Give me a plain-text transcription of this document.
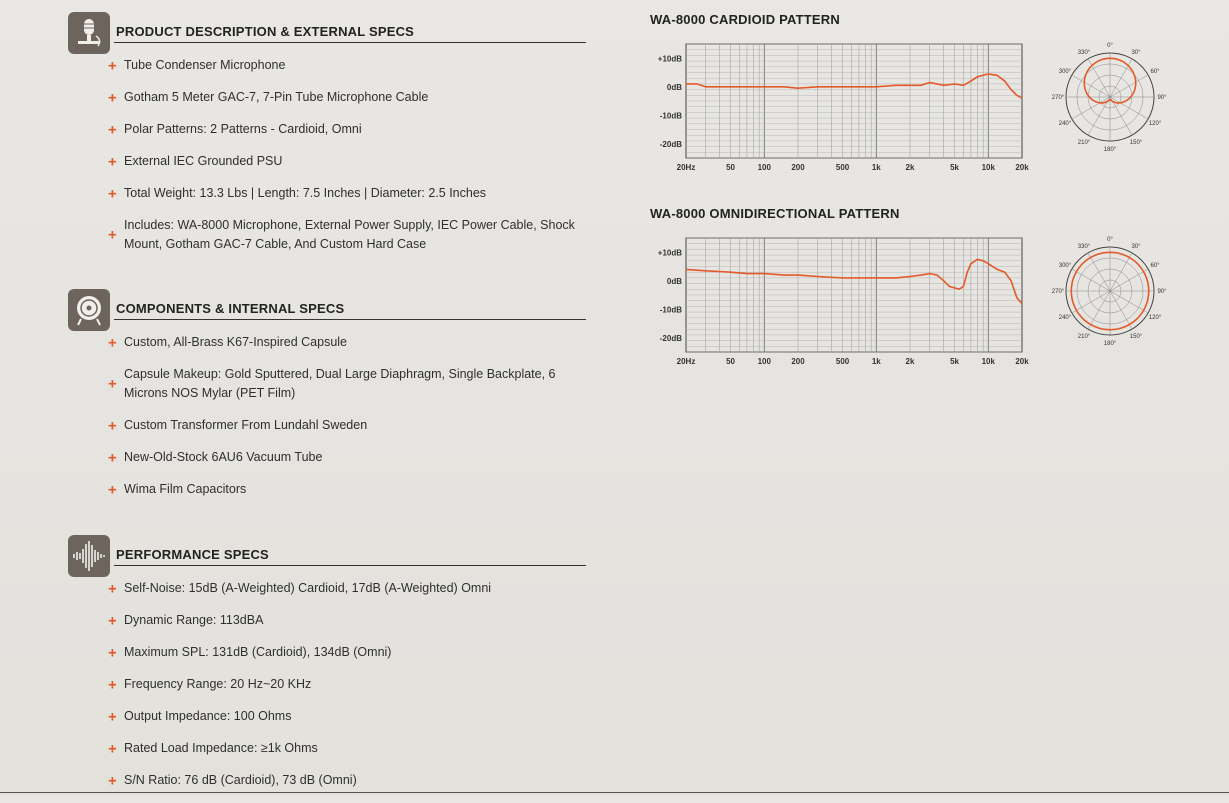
PRODUCT DESCRIPTION & EXTERNAL SPECS
+ Tube Condenser Microphone
+ Gotham 5 Meter GAC-7, 7-Pin Tube Microphone Cable
+ Polar Patterns: 2 Patterns - Cardioid, Omni
+ External IEC Grounded PSU
+ Total Weight: 13.3 Lbs | Length: 7.5 Inches | Diameter: 2.5 Inches
+
Includes: WA-8000 Microphone, External Power Supply, IEC Power Cable, Shock Mount, Gotham GAC-7 Cable, And Custom Hard Case
COMPONENTS & INTERNAL SPECS
+ Custom, All-Brass K67-Inspired Capsule
+
Capsule Makeup: Gold Sputtered, Dual Large Diaphragm, Single Backplate, 6 Microns NOS Mylar (PET Film)
+ Custom Transformer From Lundahl Sweden
+ New-Old-Stock 6AU6 Vacuum Tube
+ Wima Film Capacitors
PERFORMANCE SPECS
+ Self-Noise: 15dB (A-Weighted) Cardioid, 17dB (A-Weighted) Omni
+ Dynamic Range: 113dBA
+ Maximum SPL: 131dB (Cardioid), 134dB (Omni)
+ Frequency Range: 20 Hz~20 KHz
+ Output Impedance: 100 Ohms
+ Rated Load Impedance: ≥1k Ohms
+ S/N Ratio: 76 dB (Cardioid), 73 dB (Omni)
WA-8000 CARDIOID PATTERN
+10dB
0dB
-10dB
-20dB
20Hz	50	100	200	500	1k	2k	5k	10k	20k
0°
30°
60°
90°
120°
150°
180°
210°
240°
270°
300°
330°
WA-8000 OMNIDIRECTIONAL PATTERN
+10dB
0dB
-10dB
-20dB
20Hz	50	100	200	500	1k	2k	5k	10k	20k
0°
30°
60°
90°
120°
150°
180°
210°
240°
270°
300°
330°
